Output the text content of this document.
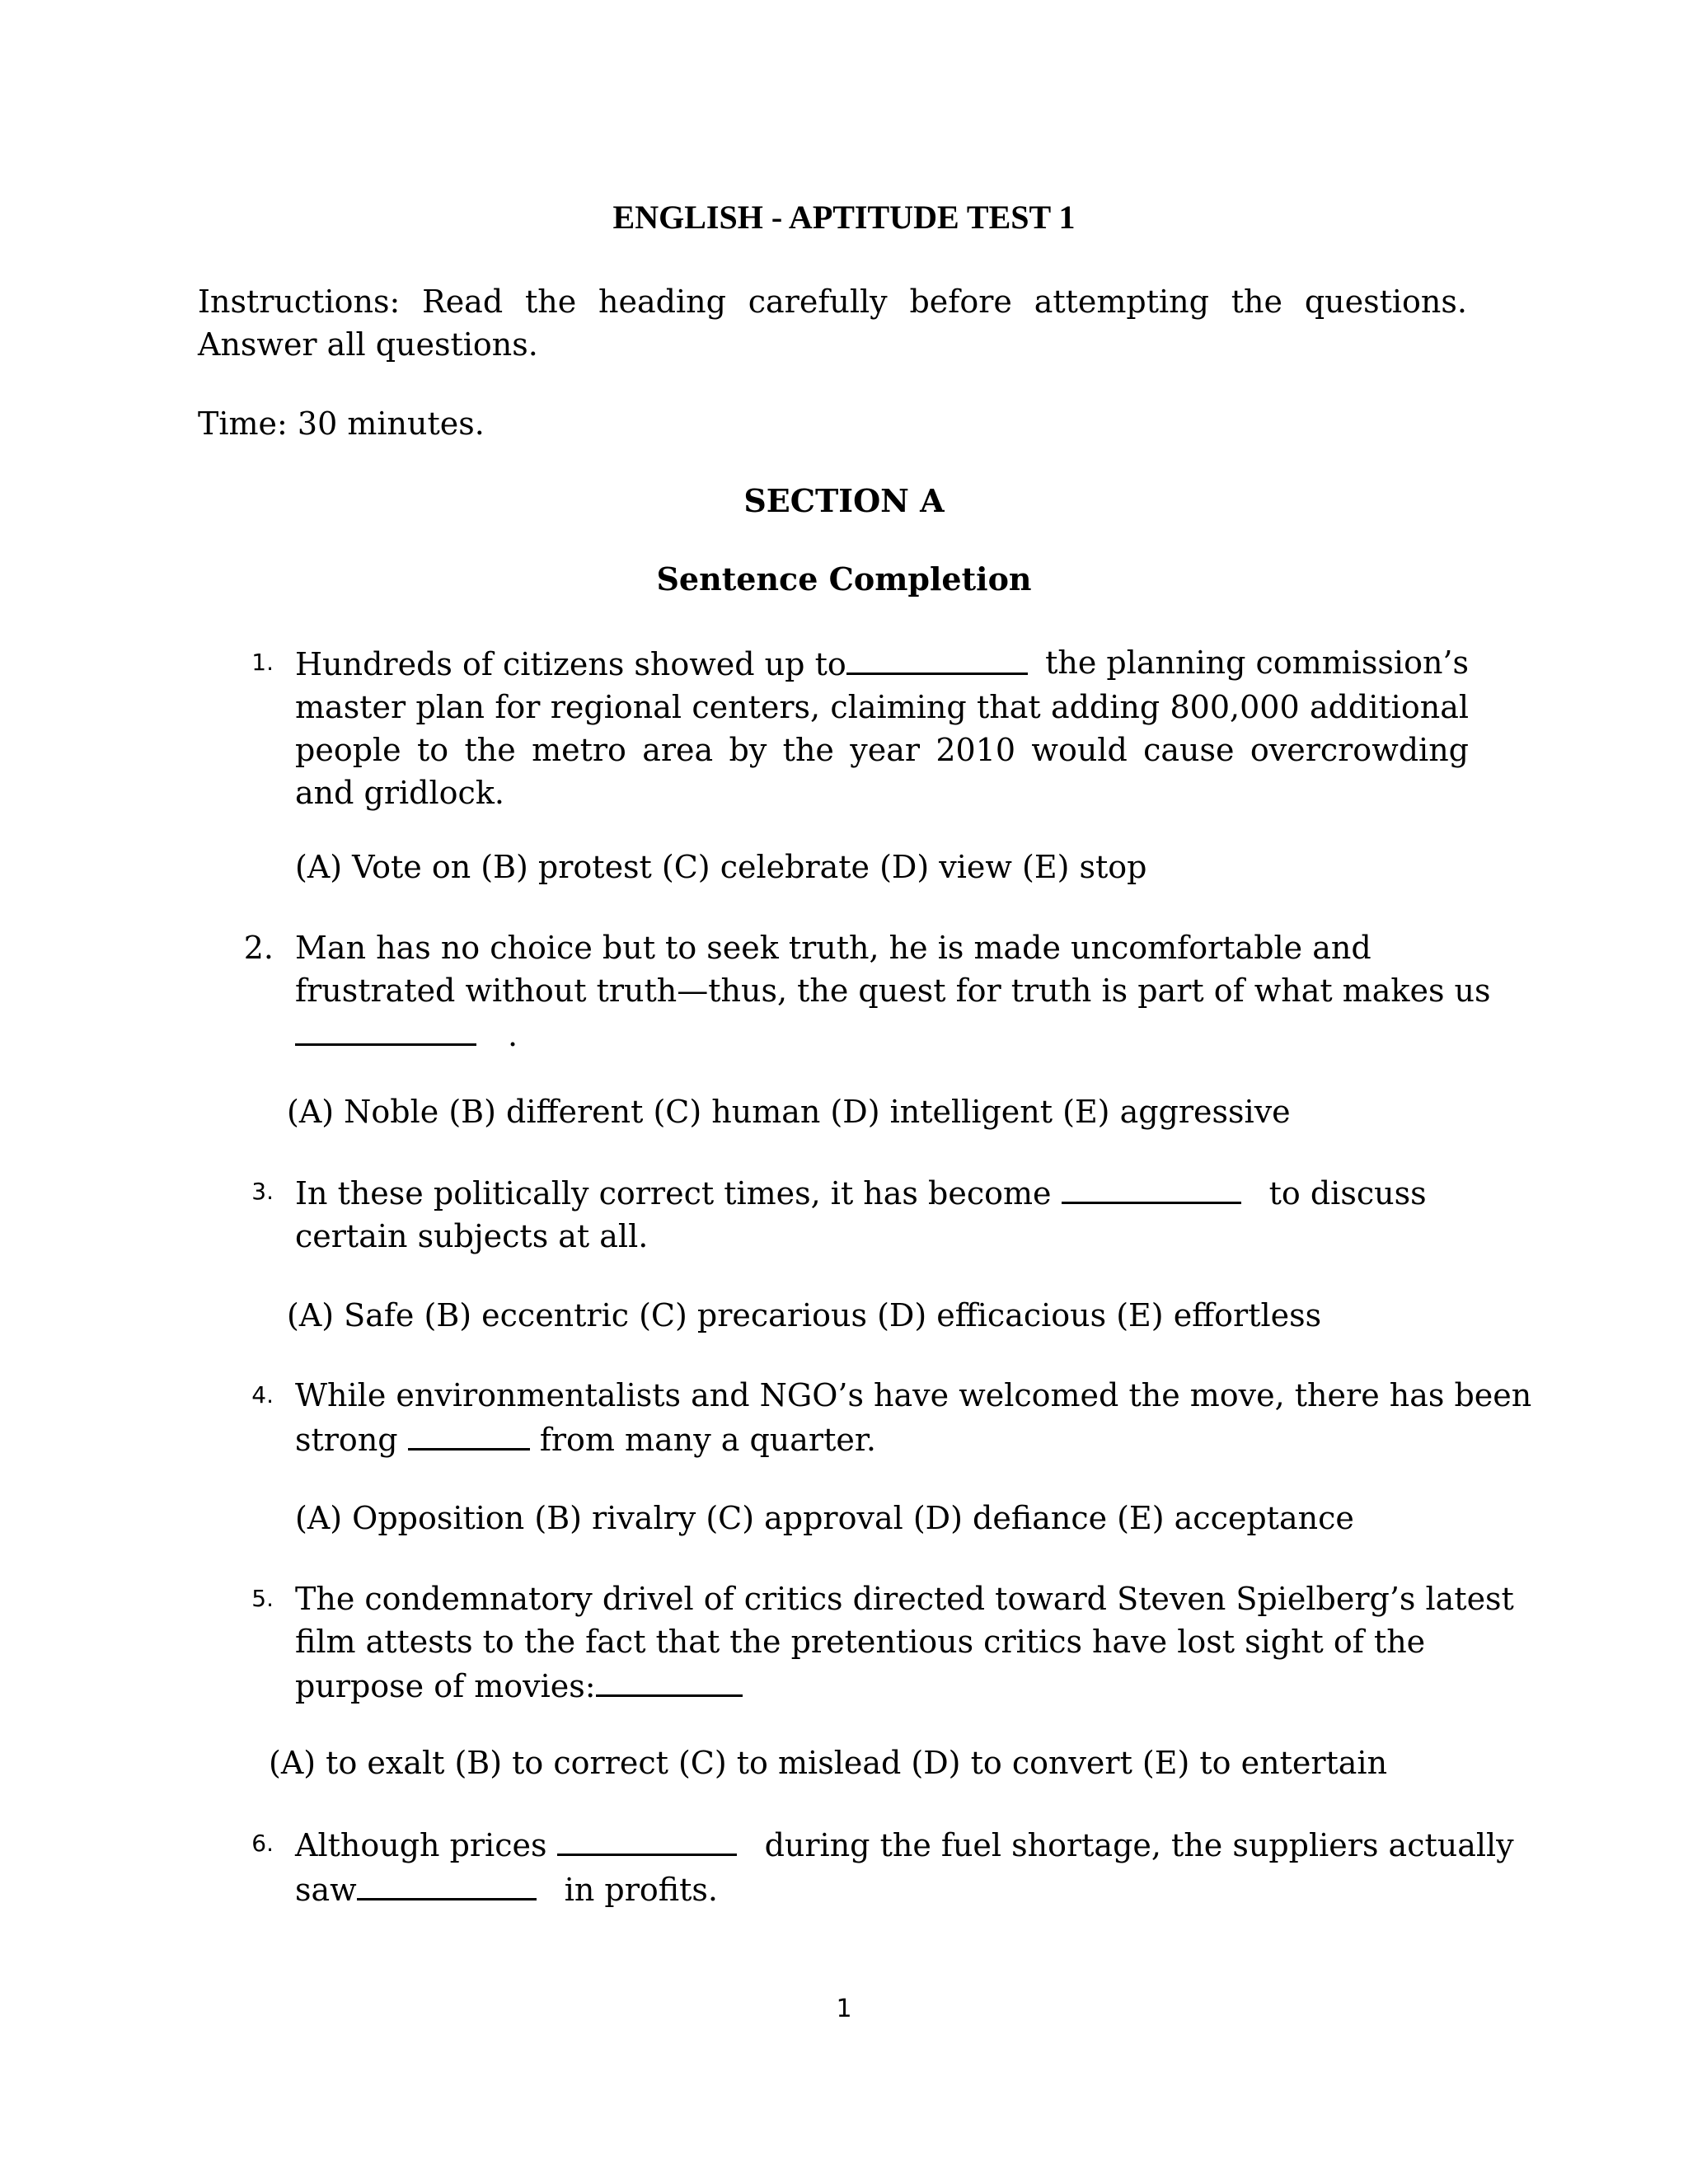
ENGLISH - APTITUDE TEST 1
Instructions: Read the heading carefully before attempting the questions. Answer all questions.
Time: 30 minutes.
SECTION A
Sentence Completion
1. Hundreds of citizens showed up to	the planning commission’s
master plan for regional centers, claiming that adding 800,000 additional people to the metro area by the year 2010 would cause overcrowding and gridlock.
(A) Vote on (B) protest (C) celebrate (D) view (E) stop
2. Man has no choice but to seek truth, he is made uncomfortable and
frustrated without truth—thus, the quest for truth is part of what makes us
.
(A) Noble (B) different (C) human (D) intelligent (E) aggressive
3. In these politically correct times, it has become	to discuss
certain subjects at all.
(A) Safe (B) eccentric (C) precarious (D) efficacious (E) effortless
4. While environmentalists and NGO’s have welcomed the move, there has been
strong	from many a quarter.
(A) Opposition (B) rivalry (C) approval (D) defiance (E) acceptance
5. The condemnatory drivel of critics directed toward Steven Spielberg’s latest
film attests to the fact that the pretentious critics have lost sight of the
purpose of movies:
(A) to exalt (B) to correct (C) to mislead (D) to convert (E) to entertain
6. Although prices	during the fuel shortage, the suppliers actually
saw	in profits.
1
